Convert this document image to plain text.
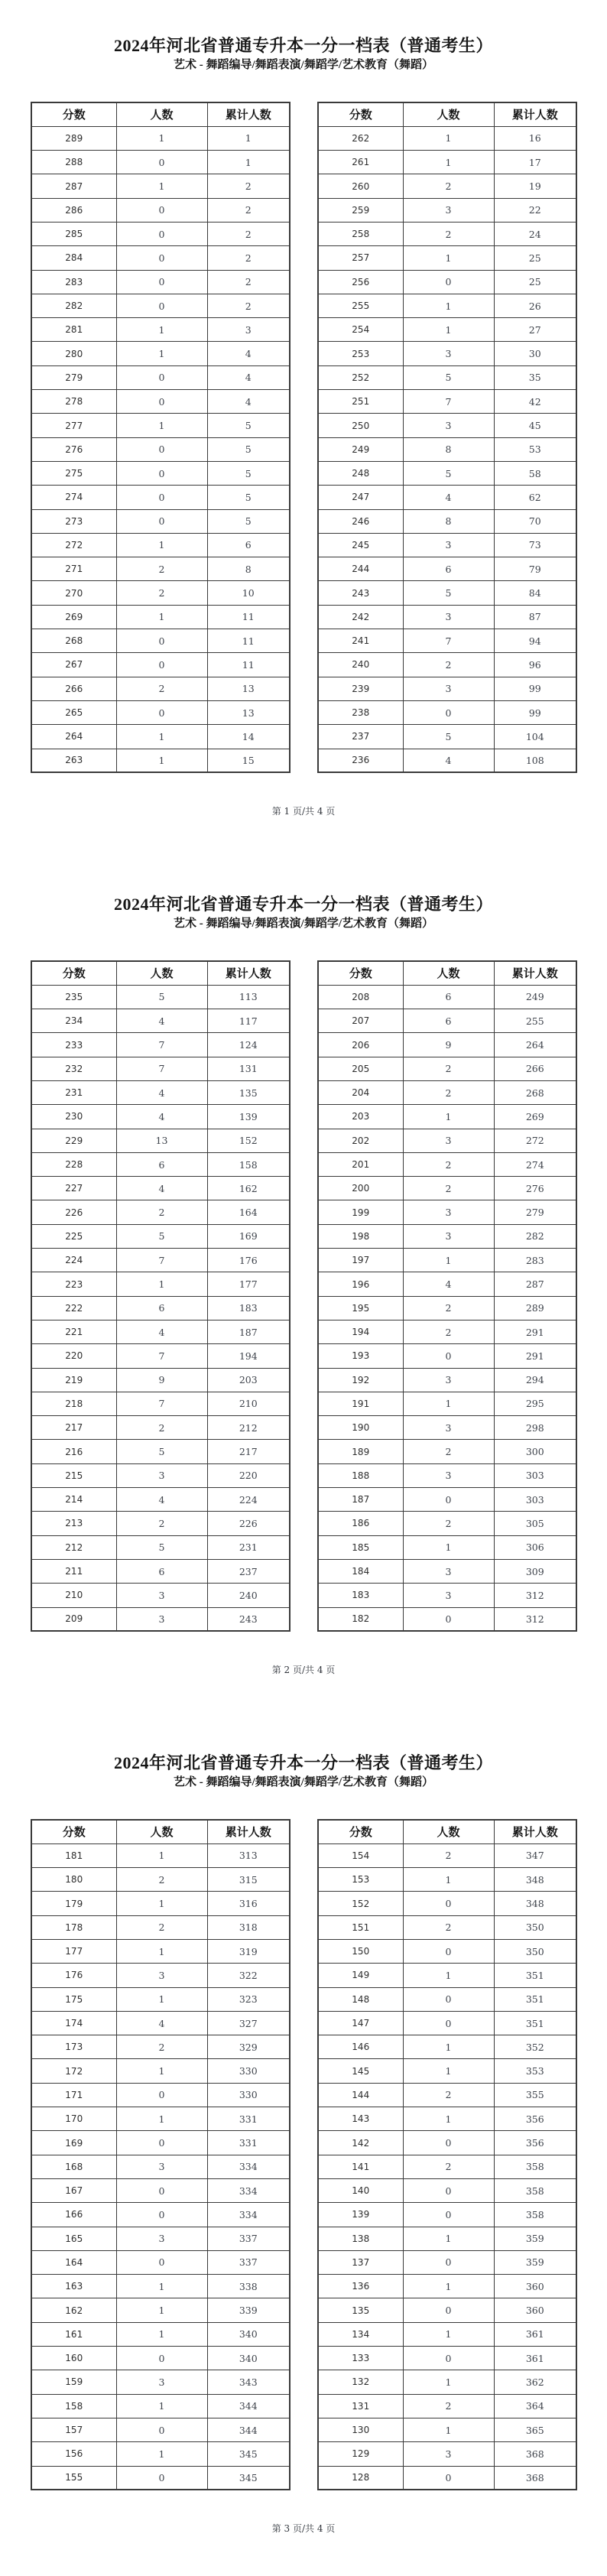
2024年河北省普通专升本一分一档表（普通考生）
艺术 - 舞蹈编导/舞蹈表演/舞蹈学/艺术教育（舞蹈）
分数	人数	累计人数
289	1	1
288	0	1
287	1	2
286	0	2
285	0	2
284	0	2
283	0	2
282	0	2
281	1	3
280	1	4
279	0	4
278	0	4
277	1	5
276	0	5
275	0	5
274	0	5
273	0	5
272	1	6
271	2	8
270	2	10
269	1	11
268	0	11
267	0	11
266	2	13
265	0	13
264	1	14
263	1	15
分数	人数	累计人数
262	1	16
261	1	17
260	2	19
259	3	22
258	2	24
257	1	25
256	0	25
255	1	26
254	1	27
253	3	30
252	5	35
251	7	42
250	3	45
249	8	53
248	5	58
247	4	62
246	8	70
245	3	73
244	6	79
243	5	84
242	3	87
241	7	94
240	2	96
239	3	99
238	0	99
237	5	104
236	4	108
第 1 页/共 4 页
2024年河北省普通专升本一分一档表（普通考生）
艺术 - 舞蹈编导/舞蹈表演/舞蹈学/艺术教育（舞蹈）
分数	人数	累计人数
235	5	113
234	4	117
233	7	124
232	7	131
231	4	135
230	4	139
229	13	152
228	6	158
227	4	162
226	2	164
225	5	169
224	7	176
223	1	177
222	6	183
221	4	187
220	7	194
219	9	203
218	7	210
217	2	212
216	5	217
215	3	220
214	4	224
213	2	226
212	5	231
211	6	237
210	3	240
209	3	243
分数	人数	累计人数
208	6	249
207	6	255
206	9	264
205	2	266
204	2	268
203	1	269
202	3	272
201	2	274
200	2	276
199	3	279
198	3	282
197	1	283
196	4	287
195	2	289
194	2	291
193	0	291
192	3	294
191	1	295
190	3	298
189	2	300
188	3	303
187	0	303
186	2	305
185	1	306
184	3	309
183	3	312
182	0	312
第 2 页/共 4 页
2024年河北省普通专升本一分一档表（普通考生）
艺术 - 舞蹈编导/舞蹈表演/舞蹈学/艺术教育（舞蹈）
分数	人数	累计人数
181	1	313
180	2	315
179	1	316
178	2	318
177	1	319
176	3	322
175	1	323
174	4	327
173	2	329
172	1	330
171	0	330
170	1	331
169	0	331
168	3	334
167	0	334
166	0	334
165	3	337
164	0	337
163	1	338
162	1	339
161	1	340
160	0	340
159	3	343
158	1	344
157	0	344
156	1	345
155	0	345
分数	人数	累计人数
154	2	347
153	1	348
152	0	348
151	2	350
150	0	350
149	1	351
148	0	351
147	0	351
146	1	352
145	1	353
144	2	355
143	1	356
142	0	356
141	2	358
140	0	358
139	0	358
138	1	359
137	0	359
136	1	360
135	0	360
134	1	361
133	0	361
132	1	362
131	2	364
130	1	365
129	3	368
128	0	368
第 3 页/共 4 页
